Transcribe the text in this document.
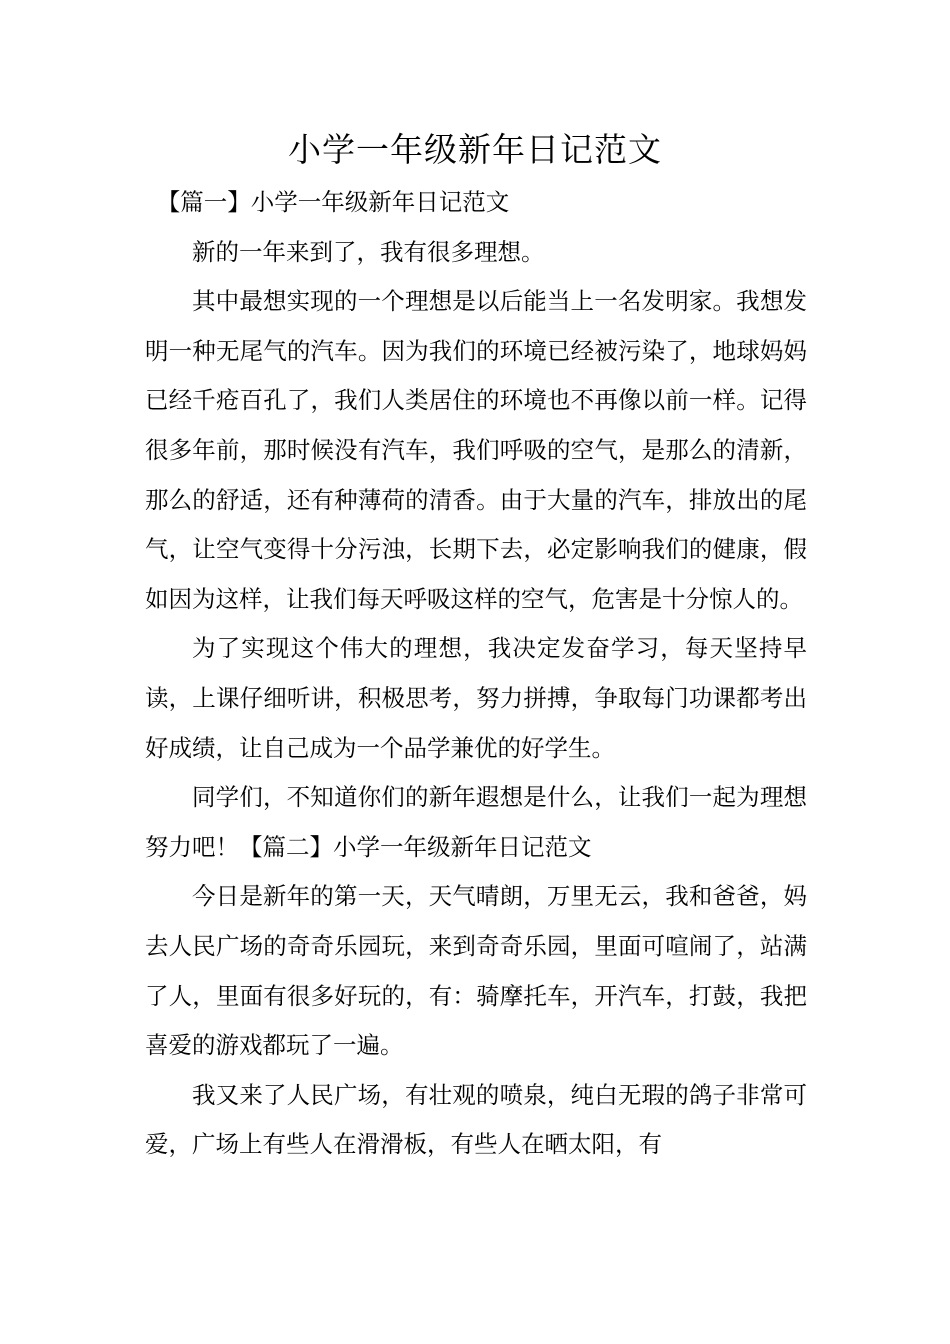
小学一年级新年日记范文

【篇一】小学一年级新年日记范文

新的一年来到了，我有很多理想。

其中最想实现的一个理想是以后能当上一名发明家。我想发明一种无尾气的汽车。因为我们的环境已经被污染了，地球妈妈已经千疮百孔了，我们人类居住的环境也不再像以前一样。记得很多年前，那时候没有汽车，我们呼吸的空气，是那么的清新，那么的舒适，还有种薄荷的清香。由于大量的汽车，排放出的尾气，让空气变得十分污浊，长期下去，必定影响我们的健康，假如因为这样，让我们每天呼吸这样的空气，危害是十分惊人的。

为了实现这个伟大的理想，我决定发奋学习，每天坚持早读，上课仔细听讲，积极思考，努力拼搏，争取每门功课都考出好成绩，让自己成为一个品学兼优的好学生。

同学们，不知道你们的新年遐想是什么，让我们一起为理想努力吧！【篇二】小学一年级新年日记范文

今日是新年的第一天，天气晴朗，万里无云，我和爸爸，妈去人民广场的奇奇乐园玩，来到奇奇乐园，里面可喧闹了，站满了人，里面有很多好玩的，有：骑摩托车，开汽车，打鼓，我把喜爱的游戏都玩了一遍。

我又来了人民广场，有壮观的喷泉，纯白无瑕的鸽子非常可爱，广场上有些人在滑滑板，有些人在晒太阳，有
